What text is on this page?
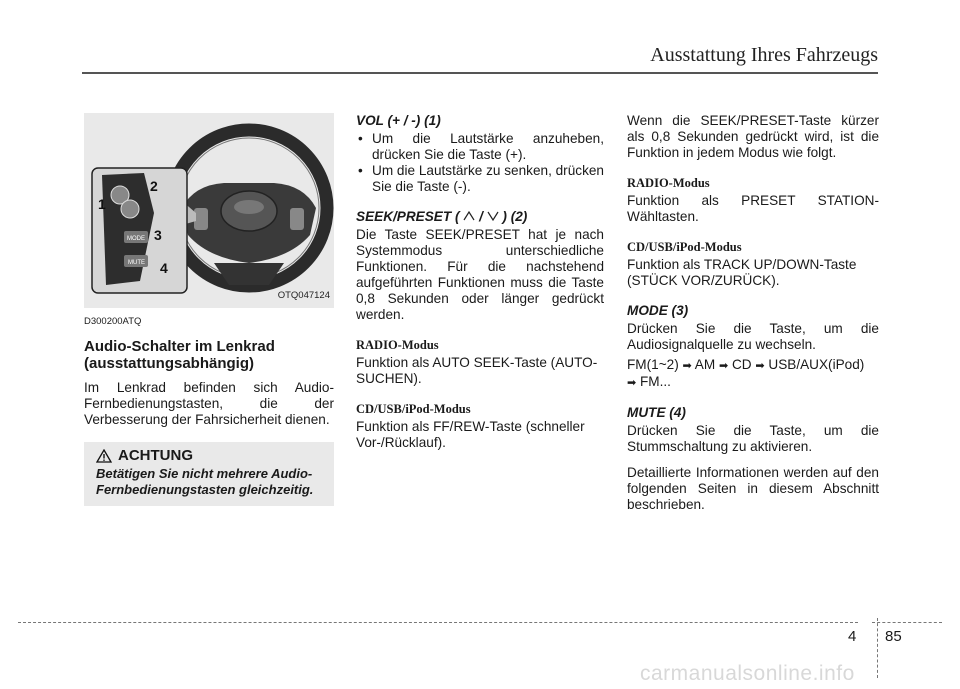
Ausstattung Ihres Fahrzeugs
MODE
MUTE
1
2
3
4
OTQ047124
D300200ATQ
Audio-Schalter im Lenkrad (ausstattungsabhängig)
Im Lenkrad befinden sich Audio-Fernbedienungstasten, die der Verbesserung der Fahrsicherheit dienen.
ACHTUNG
Betätigen Sie nicht mehrere Audio-Fernbedienungstasten gleichzeitig.
VOL (+ / -) (1)
• Um die Lautstärke anzuheben, drücken Sie die Taste (+).
• Um die Lautstärke zu senken, drücken Sie die Taste (-).
SEEK/PRESET ( / ) (2)
Die Taste SEEK/PRESET hat je nach Systemmodus unterschiedliche Funktionen. Für die nachstehend aufgeführten Funktionen muss die Taste 0,8 Sekunden oder länger gedrückt werden.
RADIO-Modus
Funktion als AUTO SEEK-Taste (AUTO-SUCHEN).
CD/USB/iPod-Modus
Funktion als FF/REW-Taste (schneller Vor-/Rücklauf).
Wenn die SEEK/PRESET-Taste kürzer als 0,8 Sekunden gedrückt wird, ist die Funktion in jedem Modus wie folgt.
RADIO-Modus
Funktion als PRESET STATION-Wähltasten.
CD/USB/iPod-Modus
Funktion als TRACK UP/DOWN-Taste (STÜCK VOR/ZURÜCK).
MODE (3)
Drücken Sie die Taste, um die Audiosignalquelle zu wechseln.
FM(1~2) ➡ AM ➡ CD ➡ USB/AUX(iPod)
➡ FM...
MUTE (4)
Drücken Sie die Taste, um die Stummschaltung zu aktivieren.
Detaillierte Informationen werden auf den folgenden Seiten in diesem Abschnitt beschrieben.
4 85
carmanualsonline.info
